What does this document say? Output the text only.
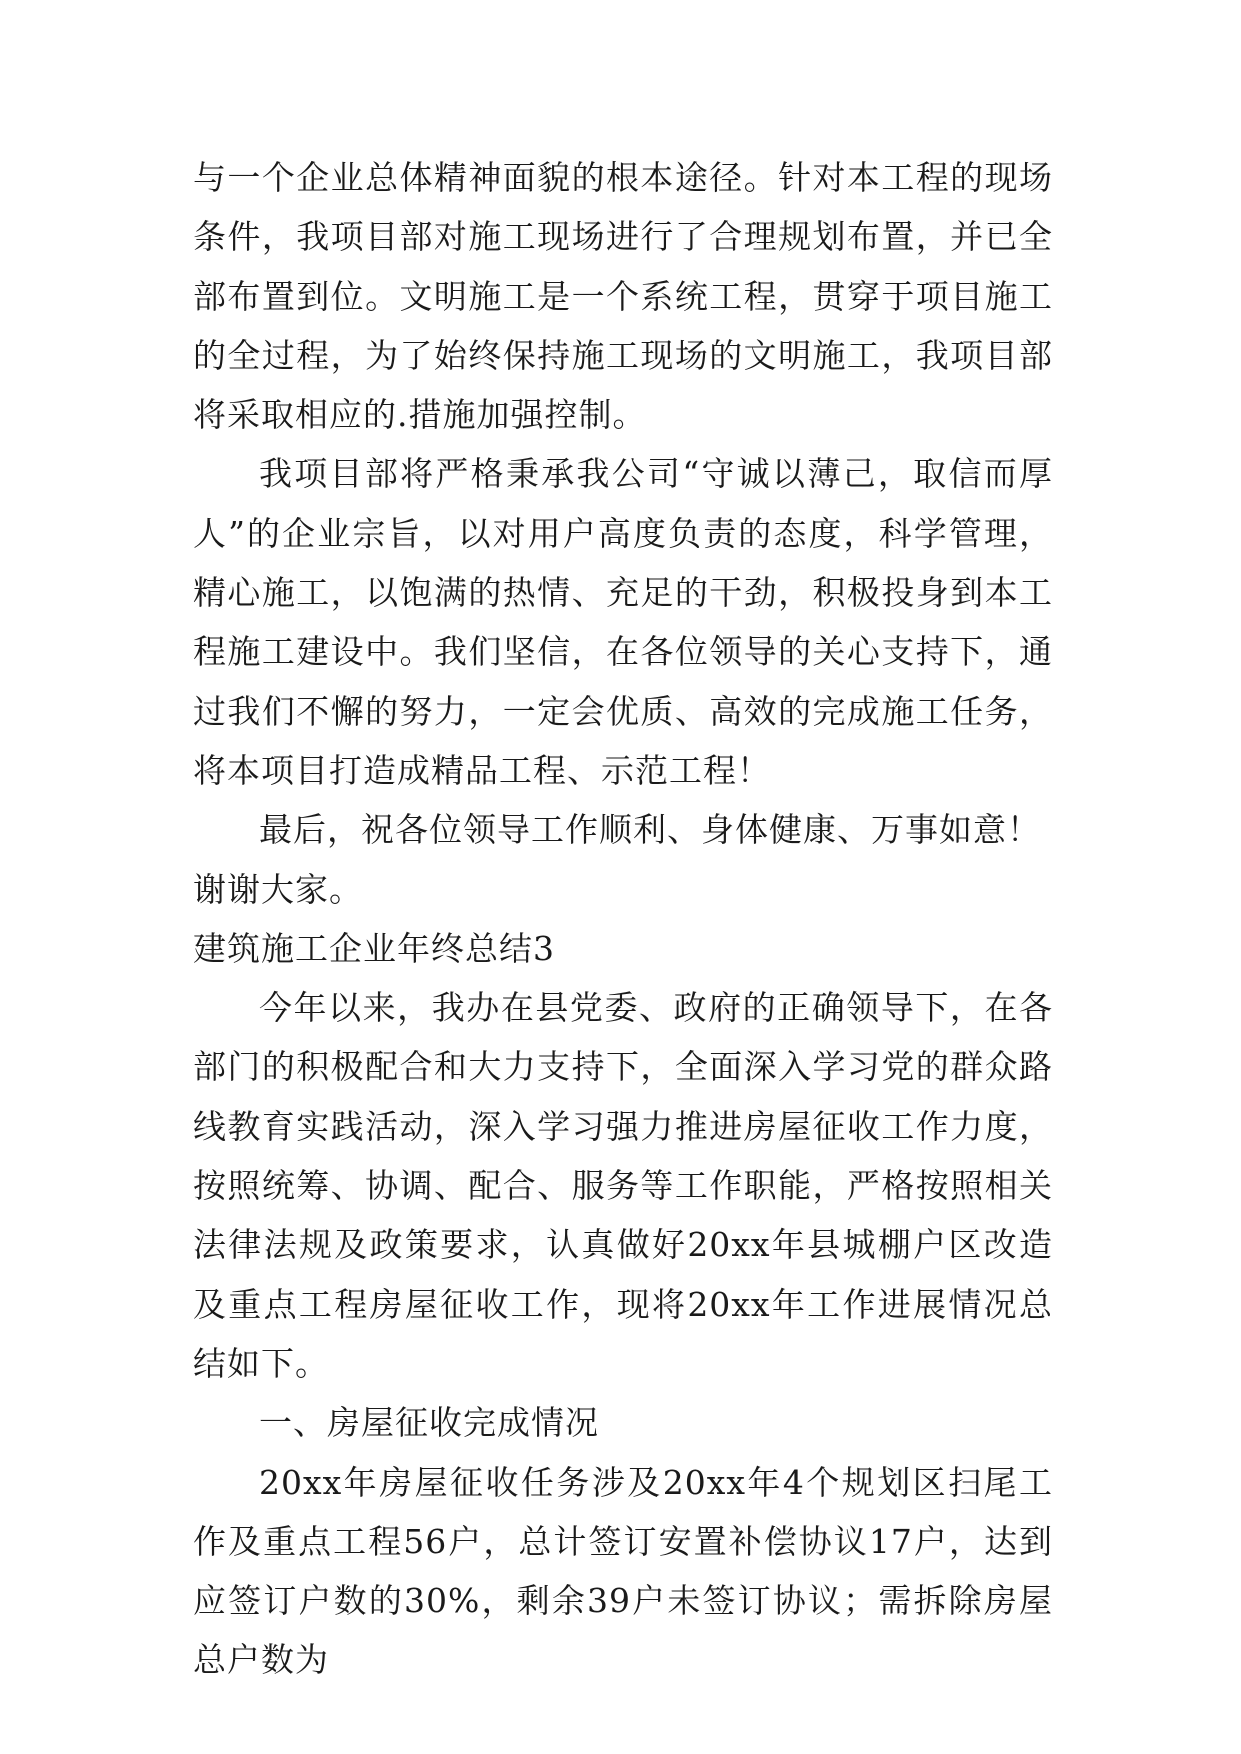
与一个企业总体精神面貌的根本途径。针对本工程的现场条件，我项目部对施工现场进行了合理规划布置，并已全部布置到位。文明施工是一个系统工程，贯穿于项目施工的全过程，为了始终保持施工现场的文明施工，我项目部将采取相应的.措施加强控制。

我项目部将严格秉承我公司“守诚以薄己，取信而厚人”的企业宗旨，以对用户高度负责的态度，科学管理，精心施工，以饱满的热情、充足的干劲，积极投身到本工程施工建设中。我们坚信，在各位领导的关心支持下，通过我们不懈的努力，一定会优质、高效的完成施工任务，将本项目打造成精品工程、示范工程！

最后，祝各位领导工作顺利、身体健康、万事如意！

谢谢大家。

建筑施工企业年终总结3

今年以来，我办在县党委、政府的正确领导下，在各部门的积极配合和大力支持下，全面深入学习党的群众路线教育实践活动，深入学习强力推进房屋征收工作力度，按照统筹、协调、配合、服务等工作职能，严格按照相关法律法规及政策要求，认真做好20xx年县城棚户区改造及重点工程房屋征收工作，现将20xx年工作进展情况总结如下。

一、房屋征收完成情况

20xx年房屋征收任务涉及20xx年4个规划区扫尾工作及重点工程56户，总计签订安置补偿协议17户，达到应签订户数的30%，剩余39户未签订协议；需拆除房屋总户数为
